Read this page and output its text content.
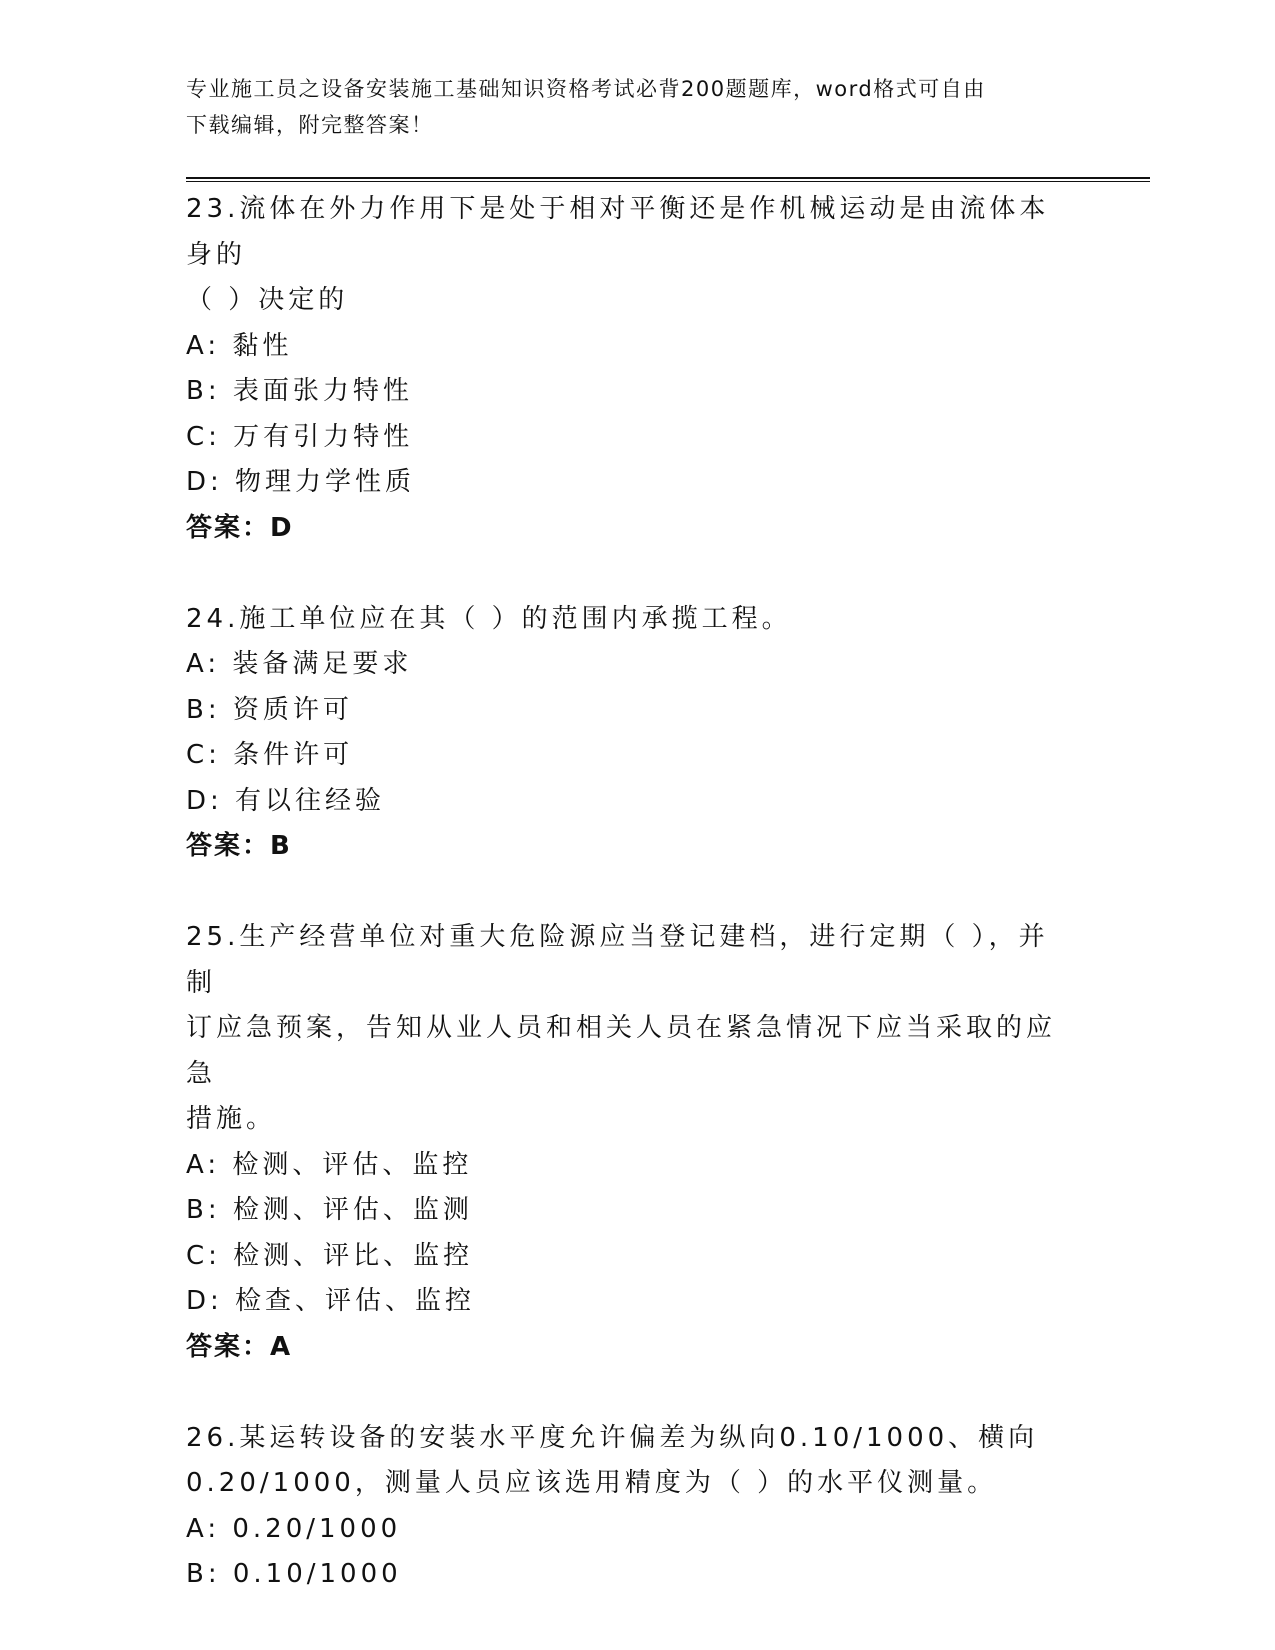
专业施工员之设备安装施工基础知识资格考试必背200题题库，word格式可自由
下载编辑，附完整答案！
23.流体在外力作用下是处于相对平衡还是作机械运动是由流体本身的
（ ）决定的
A: 黏性
B: 表面张力特性
C: 万有引力特性
D: 物理力学性质
答案：D
24.施工单位应在其（ ）的范围内承揽工程。
A: 装备满足要求
B: 资质许可
C: 条件许可
D: 有以往经验
答案：B
25.生产经营单位对重大危险源应当登记建档，进行定期（ ），并制
订应急预案，告知从业人员和相关人员在紧急情况下应当采取的应急
措施。
A: 检测、评估、监控
B: 检测、评估、监测
C: 检测、评比、监控
D: 检查、评估、监控
答案：A
26.某运转设备的安装水平度允许偏差为纵向0.10/1000、横向
0.20/1000，测量人员应该选用精度为（ ）的水平仪测量。
A: 0.20/1000
B: 0.10/1000
